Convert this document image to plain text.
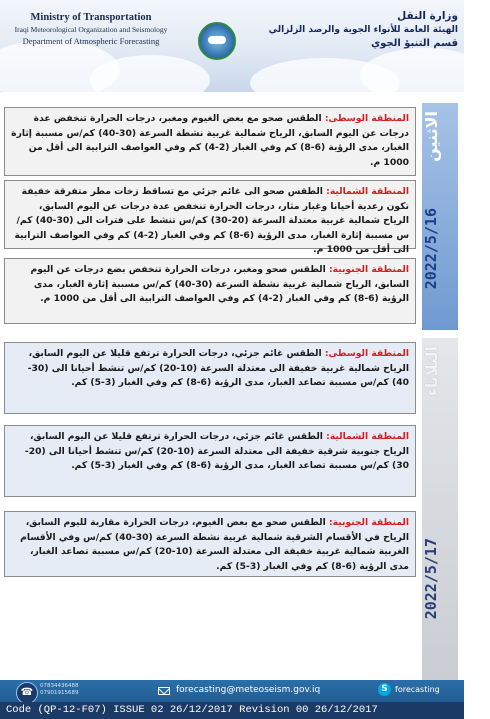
Ministry of Transportation
Iraqi Meteorological Organization and Seismology
Department of Atmospheric Forecasting
وزارة النقل
الهيئة العامة للأنواء الجوية والرصد الزلزالي
قسم التنبؤ الجوي
الاثنين
2022/5/16
المنطقة الوسطى: الطقس صحو مع بعض الغيوم ومغبر، درجات الحرارة تنخفض عدة درجات عن اليوم السابق، الرياح شمالية غربية نشطة السرعة (30-40) كم/س مسببة إثارة الغبار، مدى الرؤية (6-8) كم وفي الغبار (2-4) كم وفي العواصف الترابية الى أقل من 1000 م.
المنطقة الشمالية: الطقس صحو الى غائم جزئي مع تساقط زخات مطر متفرقة خفيفة تكون رعدية أحيانا وغبار مثار، درجات الحرارة تنخفض عدة درجات عن اليوم السابق، الرياح شمالية غربية معتدلة السرعة (20-30) كم/س تنشط على فترات الى (30-40) كم/س مسببة إثارة الغبار، مدى الرؤية (6-8) كم وفي الغبار (2-4) كم وفي العواصف الترابية الى أقل من 1000 م.
المنطقة الجنوبية: الطقس صحو ومغبر، درجات الحرارة تنخفض بضع درجات عن اليوم السابق، الرياح شمالية غربية نشطة السرعة (30-40) كم/س مسببة إثارة الغبار، مدى الرؤية (6-8) كم وفي الغبار (2-4) كم وفي العواصف الترابية الى أقل من 1000 م.
الثلاثاء
2022/5/17
المنطقة الوسطى: الطقس غائم جزئي، درجات الحرارة ترتفع قليلا عن اليوم السابق، الرياح شمالية غربية خفيفة الى معتدلة السرعة (10-20) كم/س تنشط أحيانا الى (30-40) كم/س مسببة تصاعد الغبار، مدى الرؤية (6-8) كم وفي الغبار (3-5) كم.
المنطقة الشمالية: الطقس غائم جزئي، درجات الحرارة ترتفع قليلا عن اليوم السابق، الرياح جنوبية شرقية خفيفة الى معتدلة السرعة (10-20) كم/س تنشط أحيانا الى (20-30) كم/س مسببة تصاعد الغبار، مدى الرؤية (6-8) كم وفي الغبار (3-5) كم.
المنطقة الجنوبية: الطقس صحو مع بعض الغيوم، درجات الحرارة مقاربة لليوم السابق، الرياح في الأقسام الشرقية شمالية غربية نشطة السرعة (30-40) كم/س وفي الأقسام الغربية شمالية غربية خفيفة الى معتدلة السرعة (10-20) كم/س مسببة تصاعد الغبار، مدى الرؤية (6-8) كم وفي الغبار (3-5) كم.
☎
07834436488
07901915689	forecasting@meteoseism.gov.iq	S forecasting
Code (QP-12-F07) ISSUE 02 26/12/2017 Revision 00 26/12/2017
